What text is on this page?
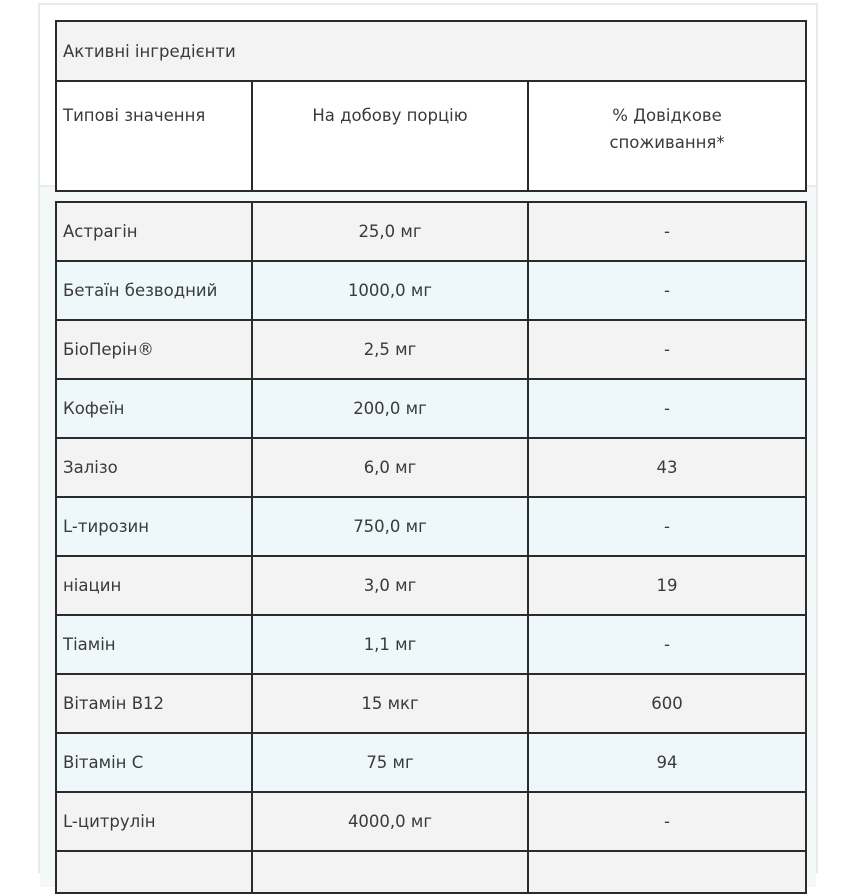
Активні інгредієнти
Типові значення	На добову порцію	% Довідкове споживання*
Астрагін	25,0 мг	-
Бетаїн безводний	1000,0 мг	-
БіоПерін®	2,5 мг	-
Кофеїн	200,0 мг	-
Залізо	6,0 мг	43
L-тирозин	750,0 мг	-
ніацин	3,0 мг	19
Тіамін	1,1 мг	-
Вітамін В12	15 мкг	600
Вітамін С	75 мг	94
L-цитрулін	4000,0 мг	-
